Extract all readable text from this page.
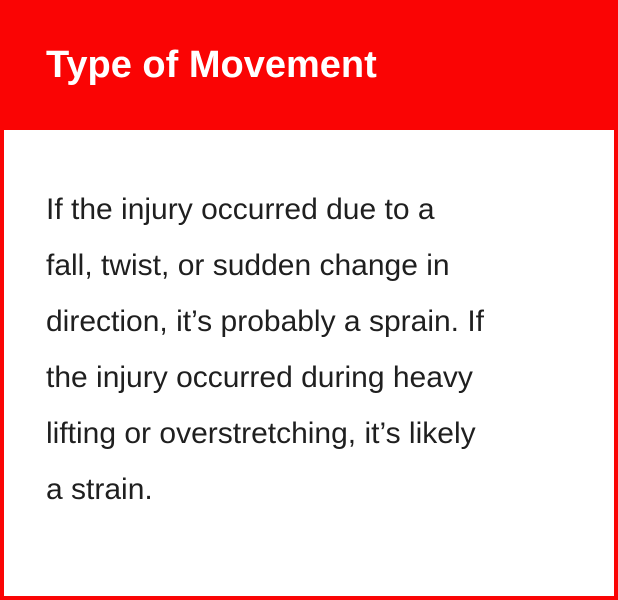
Type of Movement
If the injury occurred due to a
fall, twist, or sudden change in
direction, it’s probably a sprain. If
the injury occurred during heavy
lifting or overstretching, it’s likely
a strain.
